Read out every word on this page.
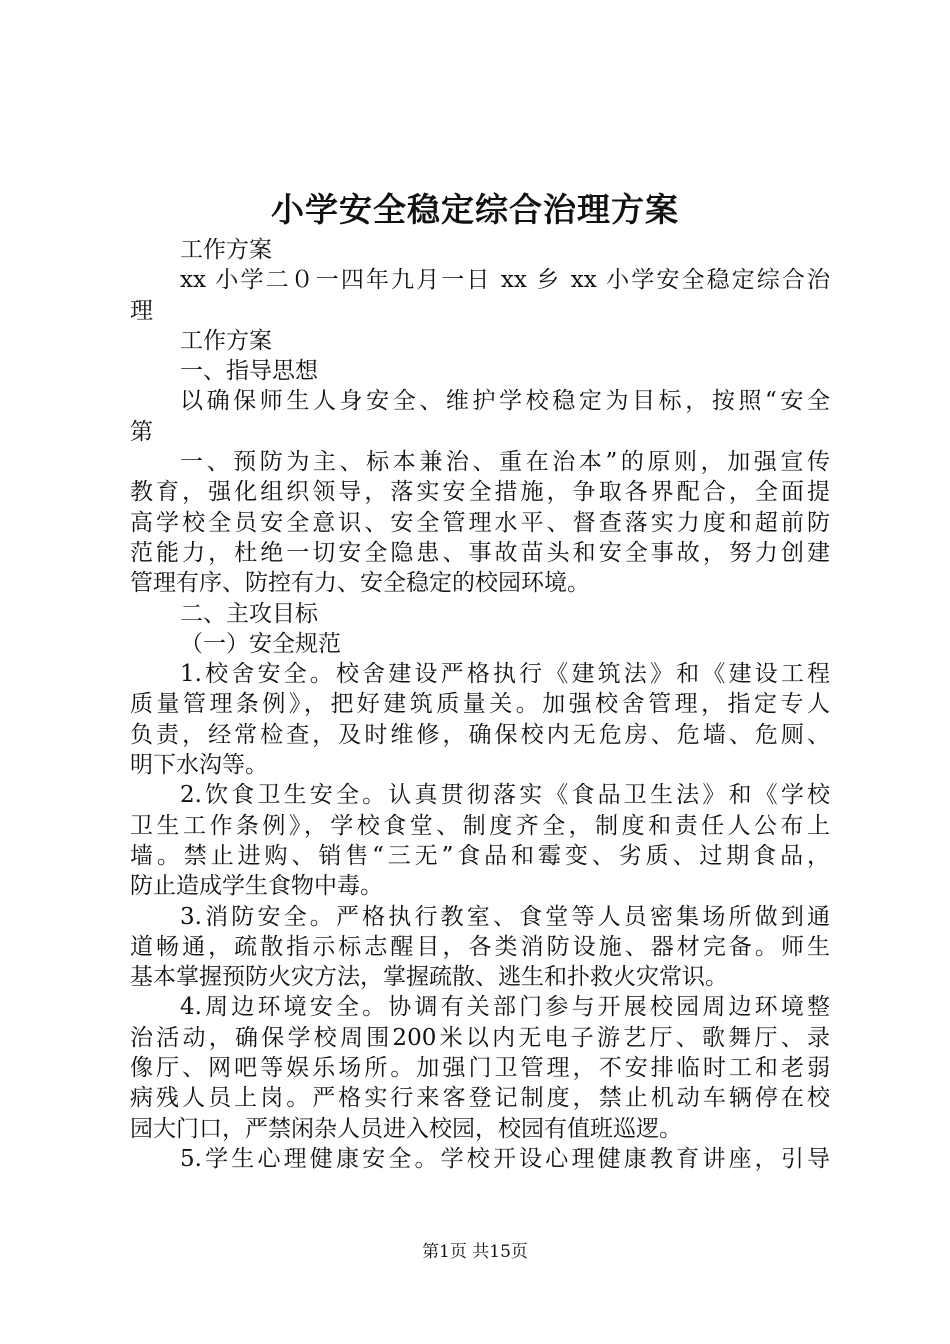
小学安全稳定综合治理方案
工作方案
xx 小学二０一四年九月一日 xx 乡 xx 小学安全稳定综合治
理
工作方案
一、指导思想
以确保师生人身安全、维护学校稳定为目标，按照“安全
第
一、预防为主、标本兼治、重在治本”的原则，加强宣传
教育，强化组织领导，落实安全措施，争取各界配合，全面提
高学校全员安全意识、安全管理水平、督查落实力度和超前防
范能力，杜绝一切安全隐患、事故苗头和安全事故，努力创建
管理有序、防控有力、安全稳定的校园环境。
二、主攻目标
（一）安全规范
1.校舍安全。校舍建设严格执行《建筑法》和《建设工程
质量管理条例》，把好建筑质量关。加强校舍管理，指定专人
负责，经常检查，及时维修，确保校内无危房、危墙、危厕、
明下水沟等。
2.饮食卫生安全。认真贯彻落实《食品卫生法》和《学校
卫生工作条例》，学校食堂、制度齐全，制度和责任人公布上
墙。禁止进购、销售“三无”食品和霉变、劣质、过期食品，
防止造成学生食物中毒。
3.消防安全。严格执行教室、食堂等人员密集场所做到通
道畅通，疏散指示标志醒目，各类消防设施、器材完备。师生
基本掌握预防火灾方法，掌握疏散、逃生和扑救火灾常识。
4.周边环境安全。协调有关部门参与开展校园周边环境整
治活动，确保学校周围200米以内无电子游艺厅、歌舞厅、录
像厅、网吧等娱乐场所。加强门卫管理，不安排临时工和老弱
病残人员上岗。严格实行来客登记制度，禁止机动车辆停在校
园大门口，严禁闲杂人员进入校园，校园有值班巡逻。
5.学生心理健康安全。学校开设心理健康教育讲座，引导
第1页 共15页
